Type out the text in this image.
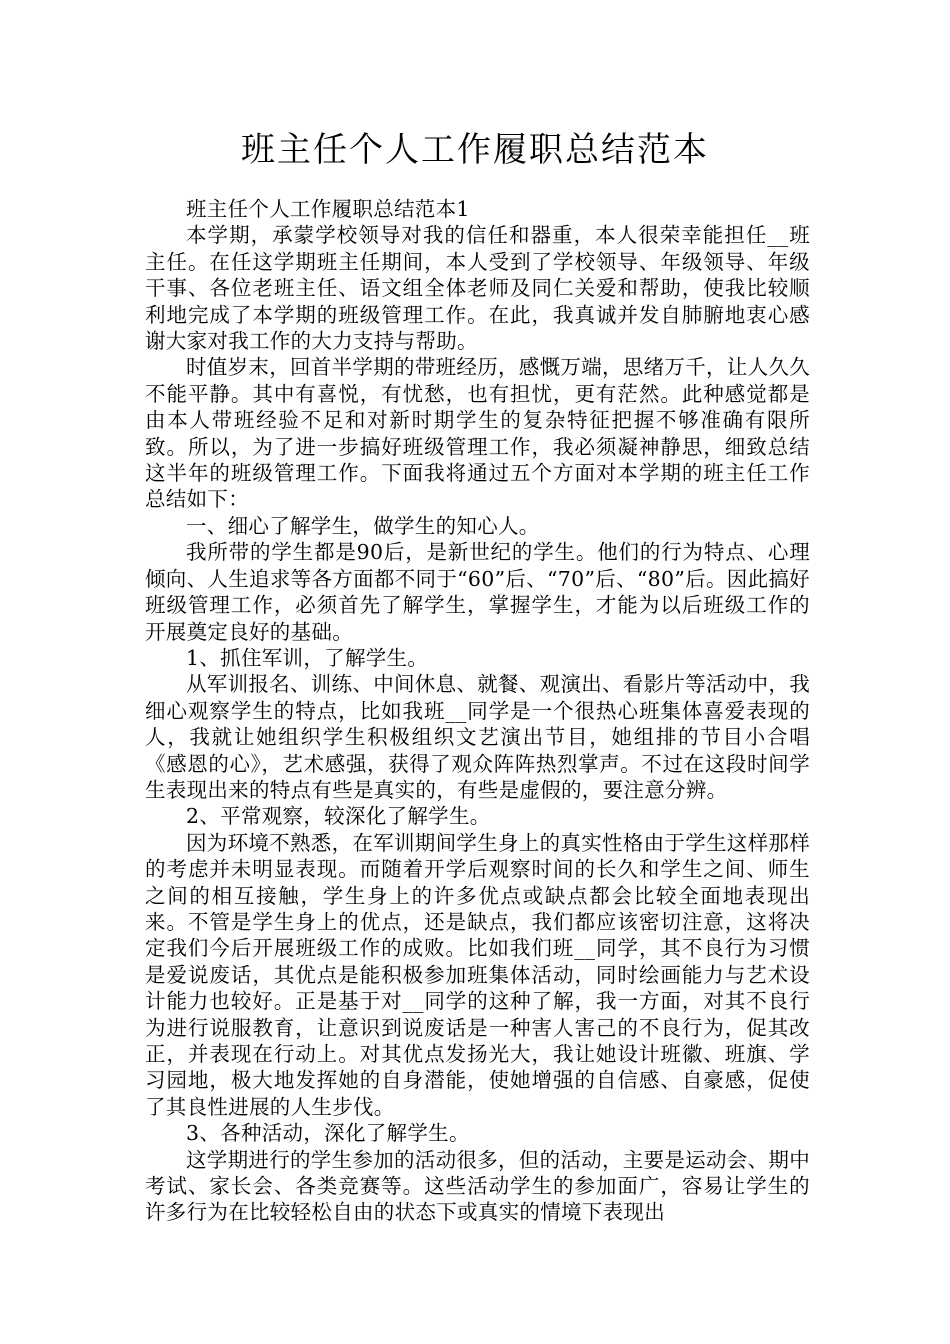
班主任个人工作履职总结范本

班主任个人工作履职总结范本1

本学期，承蒙学校领导对我的信任和器重，本人很荣幸能担任__班主任。在任这学期班主任期间，本人受到了学校领导、年级领导、年级干事、各位老班主任、语文组全体老师及同仁关爱和帮助，使我比较顺利地完成了本学期的班级管理工作。在此，我真诚并发自肺腑地衷心感谢大家对我工作的大力支持与帮助。

时值岁末，回首半学期的带班经历，感慨万端，思绪万千，让人久久不能平静。其中有喜悦，有忧愁，也有担忧，更有茫然。此种感觉都是由本人带班经验不足和对新时期学生的复杂特征把握不够准确有限所致。所以，为了进一步搞好班级管理工作，我必须凝神静思，细致总结这半年的班级管理工作。下面我将通过五个方面对本学期的班主任工作总结如下：

一、细心了解学生，做学生的知心人。

我所带的学生都是90后，是新世纪的学生。他们的行为特点、心理倾向、人生追求等各方面都不同于“60”后、“70”后、“80”后。因此搞好班级管理工作，必须首先了解学生，掌握学生，才能为以后班级工作的开展奠定良好的基础。

1、抓住军训，了解学生。

从军训报名、训练、中间休息、就餐、观演出、看影片等活动中，我细心观察学生的特点，比如我班__同学是一个很热心班集体喜爱表现的人，我就让她组织学生积极组织文艺演出节目，她组排的节目小合唱《感恩的心》，艺术感强，获得了观众阵阵热烈掌声。不过在这段时间学生表现出来的特点有些是真实的，有些是虚假的，要注意分辨。

2、平常观察，较深化了解学生。

因为环境不熟悉，在军训期间学生身上的真实性格由于学生这样那样的考虑并未明显表现。而随着开学后观察时间的长久和学生之间、师生之间的相互接触，学生身上的许多优点或缺点都会比较全面地表现出来。不管是学生身上的优点，还是缺点，我们都应该密切注意，这将决定我们今后开展班级工作的成败。比如我们班__同学，其不良行为习惯是爱说废话，其优点是能积极参加班集体活动，同时绘画能力与艺术设计能力也较好。正是基于对__同学的这种了解，我一方面，对其不良行为进行说服教育，让意识到说废话是一种害人害己的不良行为，促其改正，并表现在行动上。对其优点发扬光大，我让她设计班徽、班旗、学习园地，极大地发挥她的自身潜能，使她增强的自信感、自豪感，促使了其良性进展的人生步伐。

3、各种活动，深化了解学生。

这学期进行的学生参加的活动很多，但的活动，主要是运动会、期中考试、家长会、各类竞赛等。这些活动学生的参加面广，容易让学生的许多行为在比较轻松自由的状态下或真实的情境下表现出
